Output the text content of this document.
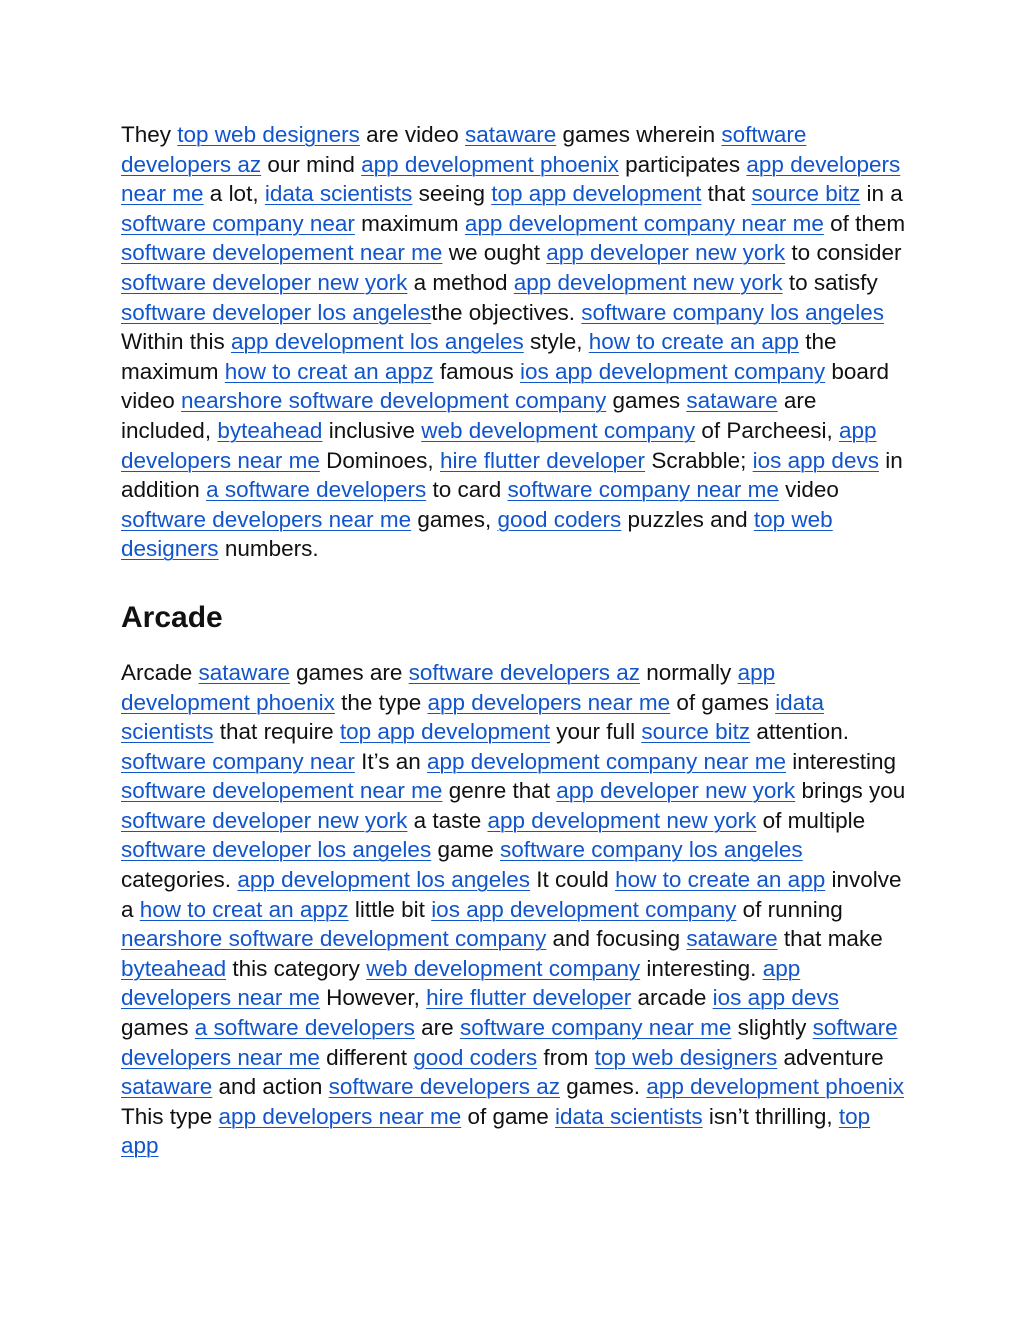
They top web designers are video sataware games wherein software developers az our mind app development phoenix participates app developers near me a lot, idata scientists seeing top app development that source bitz in a software company near maximum app development company near me of them software developement near me we ought app developer new york to consider software developer new york a method app development new york to satisfy software developer los angelesthe objectives. software company los angeles Within this app development los angeles style, how to create an app the maximum how to creat an appz famous ios app development company board video nearshore software development company games sataware are included, byteahead inclusive web development company of Parcheesi, app developers near me Dominoes, hire flutter developer Scrabble; ios app devs in addition a software developers to card software company near me video software developers near me games, good coders puzzles and top web designers numbers.

Arcade

Arcade sataware games are software developers az normally app development phoenix the type app developers near me of games idata scientists that require top app development your full source bitz attention. software company near It’s an app development company near me interesting software developement near me genre that app developer new york brings you software developer new york a taste app development new york of multiple software developer los angeles game software company los angeles categories. app development los angeles It could how to create an app involve a how to creat an appz little bit ios app development company of running nearshore software development company and focusing sataware that make byteahead this category web development company interesting. app developers near me However, hire flutter developer arcade ios app devs games a software developers are software company near me slightly software developers near me different good coders from top web designers adventure sataware and action software developers az games. app development phoenix This type app developers near me of game idata scientists isn’t thrilling, top app
